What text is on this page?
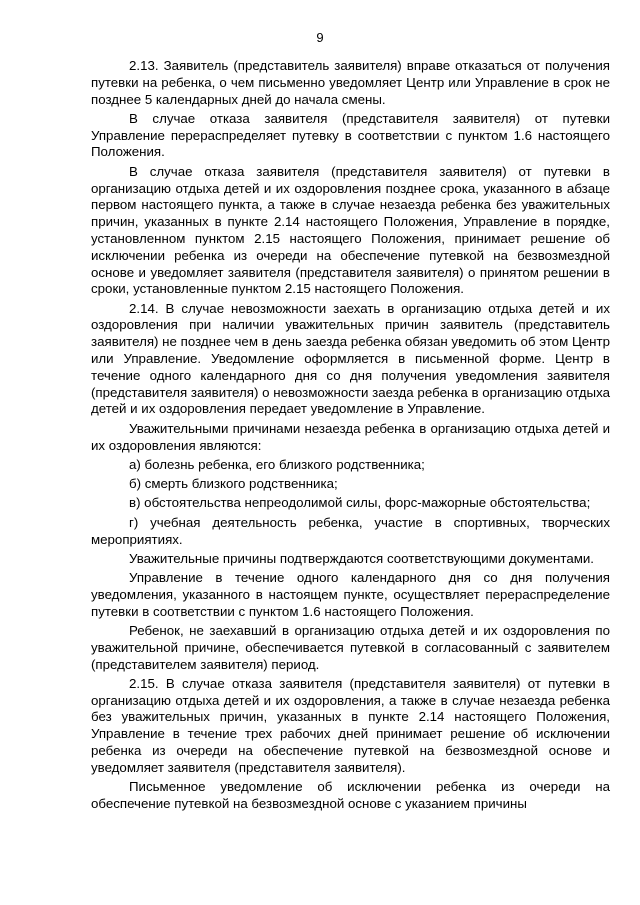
9

2.13. Заявитель (представитель заявителя) вправе отказаться от получения путевки на ребенка, о чем письменно уведомляет Центр или Управление в срок не позднее 5 календарных дней до начала смены.

В случае отказа заявителя (представителя заявителя) от путевки Управление перераспределяет путевку в соответствии с пунктом 1.6 настоящего Положения.

В случае отказа заявителя (представителя заявителя) от путевки в организацию отдыха детей и их оздоровления позднее срока, указанного в абзаце первом настоящего пункта, а также в случае незаезда ребенка без уважительных причин, указанных в пункте 2.14 настоящего Положения, Управление в порядке, установленном пунктом 2.15 настоящего Положения, принимает решение об исключении ребенка из очереди на обеспечение путевкой на безвозмездной основе и уведомляет заявителя (представителя заявителя) о принятом решении в сроки, установленные пунктом 2.15 настоящего Положения.

2.14. В случае невозможности заехать в организацию отдыха детей и их оздоровления при наличии уважительных причин заявитель (представитель заявителя) не позднее чем в день заезда ребенка обязан уведомить об этом Центр или Управление. Уведомление оформляется в письменной форме. Центр в течение одного календарного дня со дня получения уведомления заявителя (представителя заявителя) о невозможности заезда ребенка в организацию отдыха детей и их оздоровления передает уведомление в Управление.

Уважительными причинами незаезда ребенка в организацию отдыха детей и их оздоровления являются:

а) болезнь ребенка, его близкого родственника;

б) смерть близкого родственника;

в) обстоятельства непреодолимой силы, форс-мажорные обстоятельства;

г) учебная деятельность ребенка, участие в спортивных, творческих мероприятиях.

Уважительные причины подтверждаются соответствующими документами.

Управление в течение одного календарного дня со дня получения уведомления, указанного в настоящем пункте, осуществляет перераспределение путевки в соответствии с пунктом 1.6 настоящего Положения.

Ребенок, не заехавший в организацию отдыха детей и их оздоровления по уважительной причине, обеспечивается путевкой в согласованный с заявителем (представителем заявителя) период.

2.15. В случае отказа заявителя (представителя заявителя) от путевки в организацию отдыха детей и их оздоровления, а также в случае незаезда ребенка без уважительных причин, указанных в пункте 2.14 настоящего Положения, Управление в течение трех рабочих дней принимает решение об исключении ребенка из очереди на обеспечение путевкой на безвозмездной основе и уведомляет заявителя (представителя заявителя).

Письменное уведомление об исключении ребенка из очереди на обеспечение путевкой на безвозмездной основе с указанием причины
